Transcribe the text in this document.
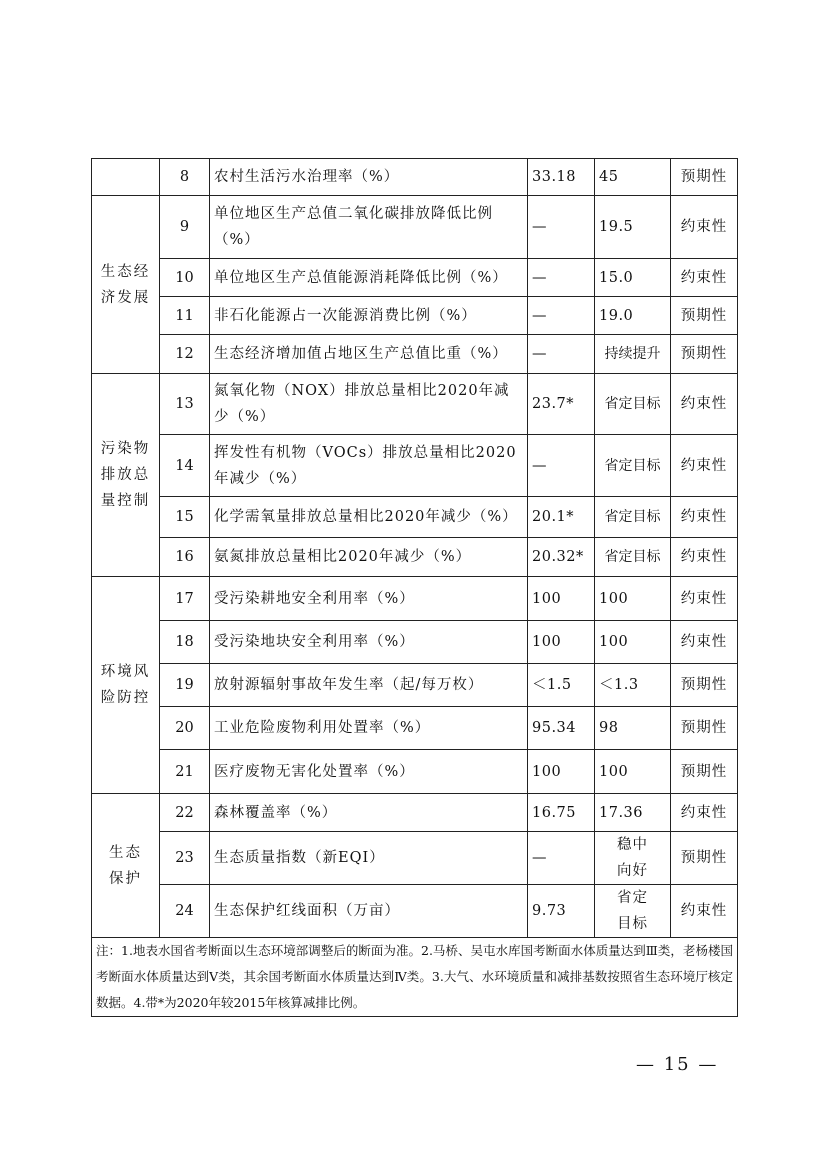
	8	农村生活污水治理率（%）	33.18	45	预期性
生态经
济发展	9	单位地区生产总值二氧化碳排放降低比例（%）	—	19.5	约束性
	10	单位地区生产总值能源消耗降低比例（%）	—	15.0	约束性
	11	非石化能源占一次能源消费比例（%）	—	19.0	预期性
	12	生态经济增加值占地区生产总值比重（%）	—	持续提升	预期性
污染物
排放总
量控制	13	氮氧化物（NOX）排放总量相比2020年减少（%）	23.7*	省定目标	约束性
	14	挥发性有机物（VOCs）排放总量相比2020年减少（%）	—	省定目标	约束性
	15	化学需氧量排放总量相比2020年减少（%）	20.1*	省定目标	约束性
	16	氨氮排放总量相比2020年减少（%）	20.32*	省定目标	约束性
环境风
险防控	17	受污染耕地安全利用率（%）	100	100	约束性
	18	受污染地块安全利用率（%）	100	100	约束性
	19	放射源辐射事故年发生率（起/每万枚）	＜1.5	＜1.3	预期性
	20	工业危险废物利用处置率（%）	95.34	98	预期性
	21	医疗废物无害化处置率（%）	100	100	预期性
生态
保护	22	森林覆盖率（%）	16.75	17.36	约束性
	23	生态质量指数（新EQI）	—	稳中向好	预期性
	24	生态保护红线面积（万亩）	9.73	省定目标	约束性
注：1.地表水国省考断面以生态环境部调整后的断面为准。2.马桥、吴屯水库国考断面水体质量达到Ⅲ类，老杨楼国考断面水体质量达到Ⅴ类，其余国考断面水体质量达到Ⅳ类。3.大气、水环境质量和减排基数按照省生态环境厅核定数据。4.带*为2020年较2015年核算减排比例。					
— 15 —
